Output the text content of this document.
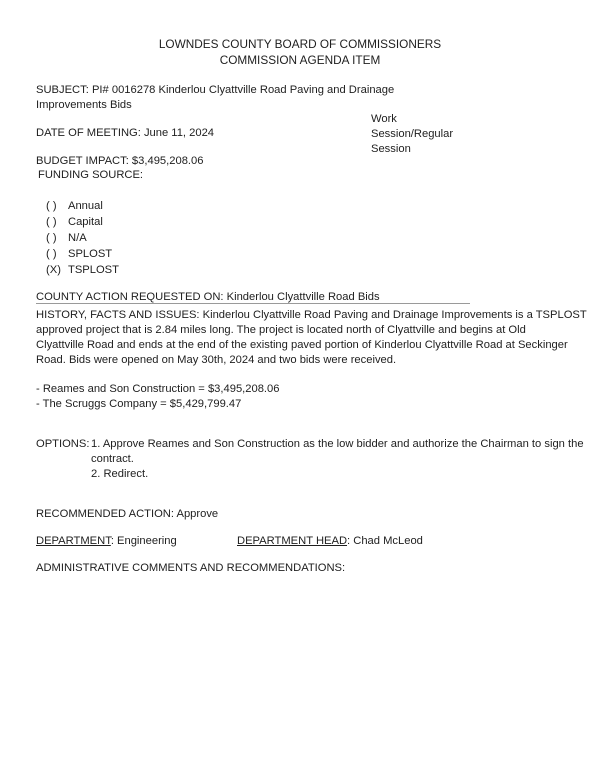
LOWNDES COUNTY BOARD OF COMMISSIONERS
COMMISSION AGENDA ITEM
SUBJECT: PI# 0016278 Kinderlou Clyattville Road Paving and Drainage
Improvements Bids
Work
Session/Regular
Session
DATE OF MEETING: June 11, 2024
BUDGET IMPACT: $3,495,208.06
FUNDING SOURCE:
( ) Annual
( ) Capital
( ) N/A
( ) SPLOST
(X) TSPLOST
COUNTY ACTION REQUESTED ON: Kinderlou Clyattville Road Bids
HISTORY, FACTS AND ISSUES: Kinderlou Clyattville Road Paving and Drainage Improvements is a TSPLOST
approved project that is 2.84 miles long. The project is located north of Clyattville and begins at Old
Clyattville Road and ends at the end of the existing paved portion of Kinderlou Clyattville Road at Seckinger
Road. Bids were opened on May 30th, 2024 and two bids were received.
- Reames and Son Construction = $3,495,208.06
- The Scruggs Company = $5,429,799.47
OPTIONS: 1. Approve Reames and Son Construction as the low bidder and authorize the Chairman to sign the
contract.
2. Redirect.
RECOMMENDED ACTION: Approve
DEPARTMENT: Engineering	DEPARTMENT HEAD: Chad McLeod
ADMINISTRATIVE COMMENTS AND RECOMMENDATIONS:
